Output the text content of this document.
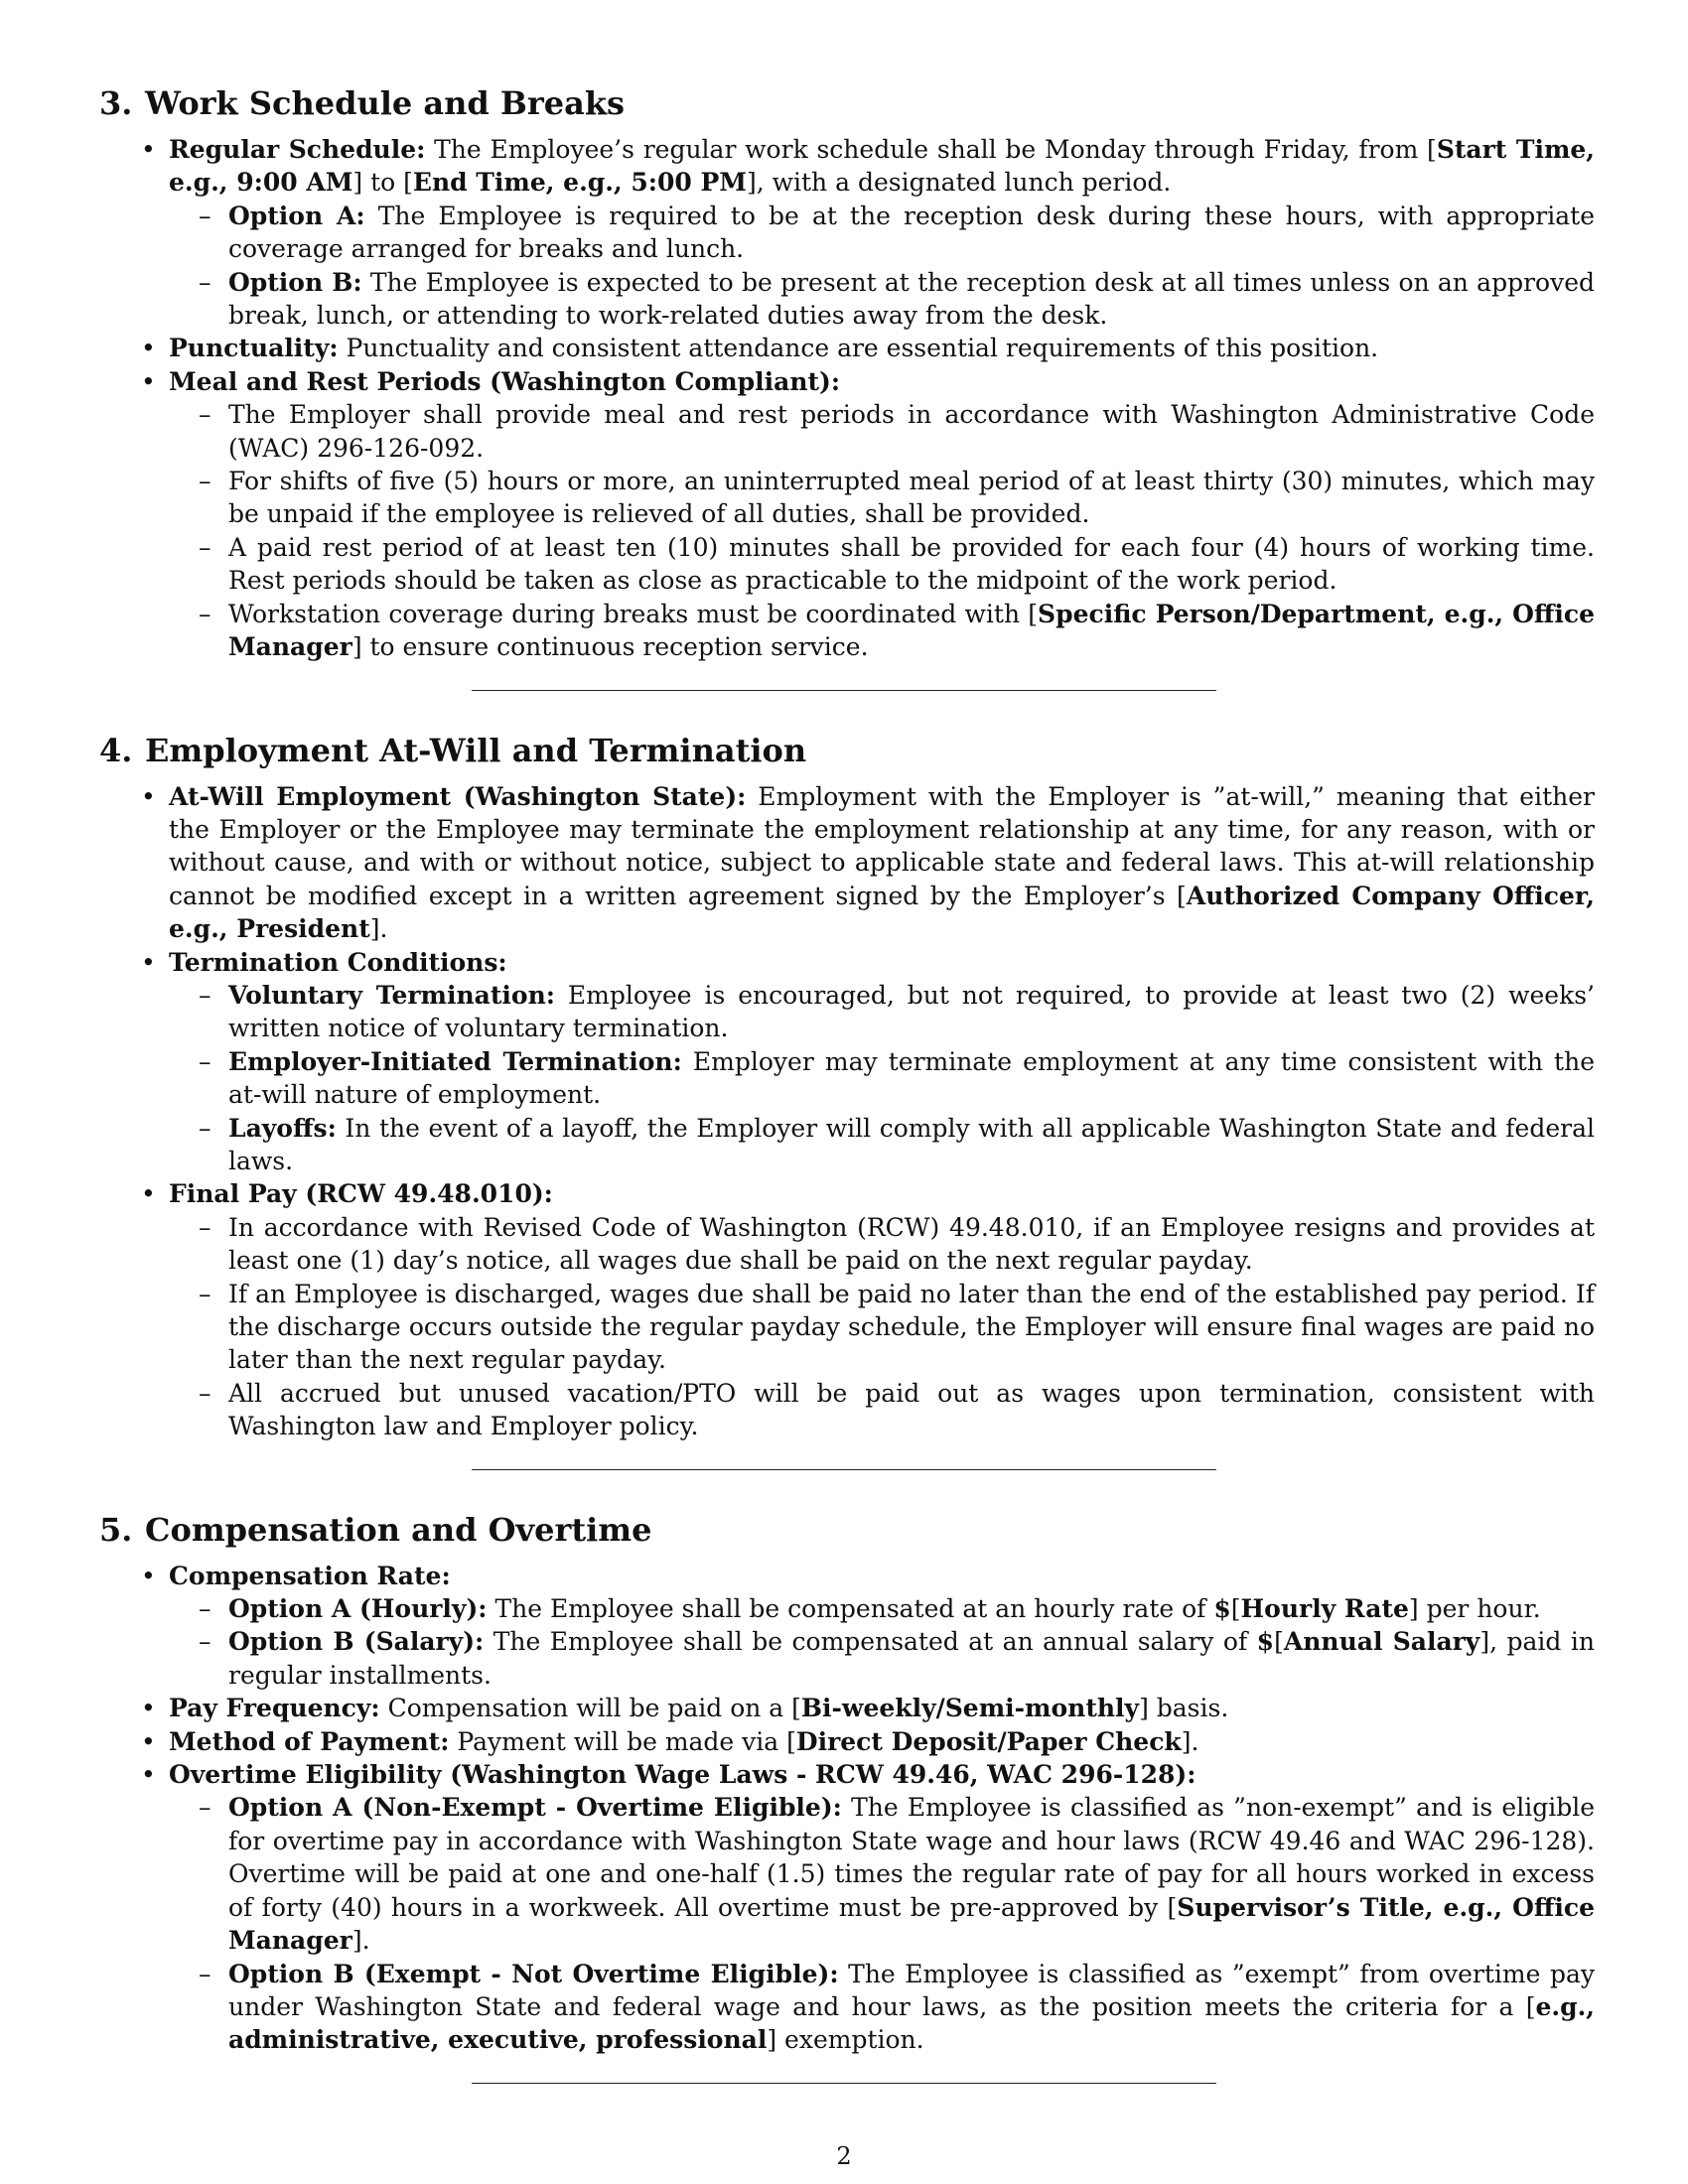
3. Work Schedule and Breaks
• Regular Schedule: The Employee’s regular work schedule shall be Monday through Friday, from [Start Time, e.g., 9:00 AM] to [End Time, e.g., 5:00 PM], with a designated lunch period.
– Option A: The Employee is required to be at the reception desk during these hours, with appropriate coverage arranged for breaks and lunch.
– Option B: The Employee is expected to be present at the reception desk at all times unless on an approved break, lunch, or attending to work-related duties away from the desk.
• Punctuality: Punctuality and consistent attendance are essential requirements of this position.
• Meal and Rest Periods (Washington Compliant):
– The Employer shall provide meal and rest periods in accordance with Washington Administrative Code (WAC) 296-126-092.
– For shifts of five (5) hours or more, an uninterrupted meal period of at least thirty (30) minutes, which may be unpaid if the employee is relieved of all duties, shall be provided.
– A paid rest period of at least ten (10) minutes shall be provided for each four (4) hours of working time. Rest periods should be taken as close as practicable to the midpoint of the work period.
– Workstation coverage during breaks must be coordinated with [Specific Person/Department, e.g., Office Manager] to ensure continuous reception service.
4. Employment At-Will and Termination
• At-Will Employment (Washington State): Employment with the Employer is ”at-will,” meaning that either the Employer or the Employee may terminate the employment relationship at any time, for any reason, with or without cause, and with or without notice, subject to applicable state and federal laws. This at-will relationship cannot be modified except in a written agreement signed by the Employer’s [Authorized Company Officer, e.g., President].
• Termination Conditions:
– Voluntary Termination: Employee is encouraged, but not required, to provide at least two (2) weeks’ written notice of voluntary termination.
– Employer-Initiated Termination: Employer may terminate employment at any time consistent with the at-will nature of employment.
– Layoffs: In the event of a layoff, the Employer will comply with all applicable Washington State and federal laws.
• Final Pay (RCW 49.48.010):
– In accordance with Revised Code of Washington (RCW) 49.48.010, if an Employee resigns and provides at least one (1) day’s notice, all wages due shall be paid on the next regular payday.
– If an Employee is discharged, wages due shall be paid no later than the end of the established pay period. If the discharge occurs outside the regular payday schedule, the Employer will ensure final wages are paid no later than the next regular payday.
– All accrued but unused vacation/PTO will be paid out as wages upon termination, consistent with Washington law and Employer policy.
5. Compensation and Overtime
• Compensation Rate:
– Option A (Hourly): The Employee shall be compensated at an hourly rate of $[Hourly Rate] per hour.
– Option B (Salary): The Employee shall be compensated at an annual salary of $[Annual Salary], paid in regular installments.
• Pay Frequency: Compensation will be paid on a [Bi-weekly/Semi-monthly] basis.
• Method of Payment: Payment will be made via [Direct Deposit/Paper Check].
• Overtime Eligibility (Washington Wage Laws - RCW 49.46, WAC 296-128):
– Option A (Non-Exempt - Overtime Eligible): The Employee is classified as ”non-exempt” and is eligible for overtime pay in accordance with Washington State wage and hour laws (RCW 49.46 and WAC 296-128). Overtime will be paid at one and one-half (1.5) times the regular rate of pay for all hours worked in excess of forty (40) hours in a workweek. All overtime must be pre-approved by [Supervisor’s Title, e.g., Office Manager].
– Option B (Exempt - Not Overtime Eligible): The Employee is classified as ”exempt” from overtime pay under Washington State and federal wage and hour laws, as the position meets the criteria for a [e.g., administrative, executive, professional] exemption.
2
